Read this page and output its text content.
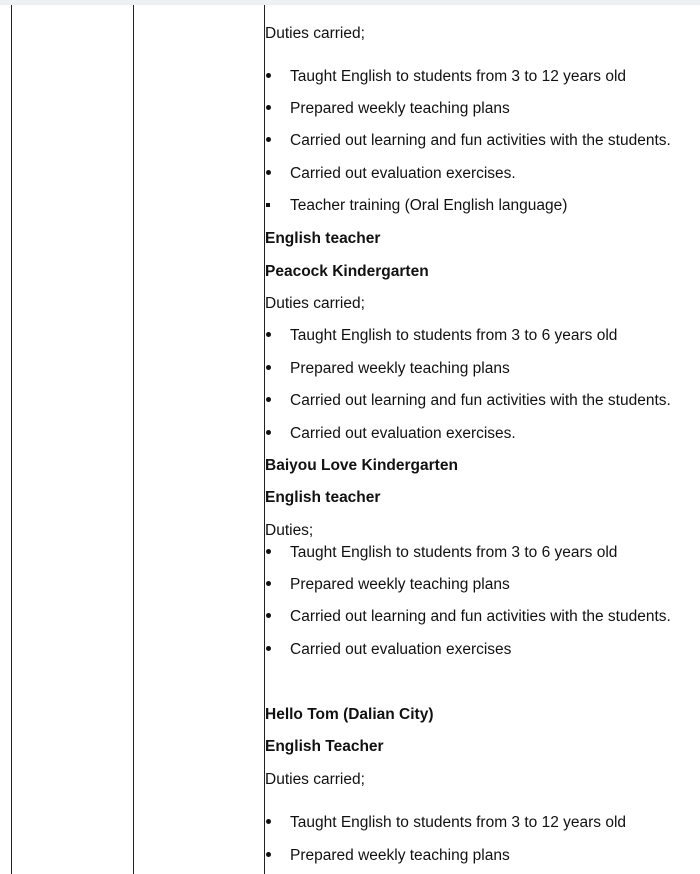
Duties carried;
Taught English to students from 3 to 12 years old
Prepared weekly teaching plans
Carried out learning and fun activities with the students.
Carried out evaluation exercises.
Teacher training (Oral English language)
English teacher
Peacock Kindergarten
Duties carried;
Taught English to students from 3 to 6 years old
Prepared weekly teaching plans
Carried out learning and fun activities with the students.
Carried out evaluation exercises.
Baiyou Love Kindergarten
English teacher
Duties;
Taught English to students from 3 to 6 years old
Prepared weekly teaching plans
Carried out learning and fun activities with the students.
Carried out evaluation exercises
Hello Tom (Dalian City)
English Teacher
Duties carried;
Taught English to students from 3 to 12 years old
Prepared weekly teaching plans
